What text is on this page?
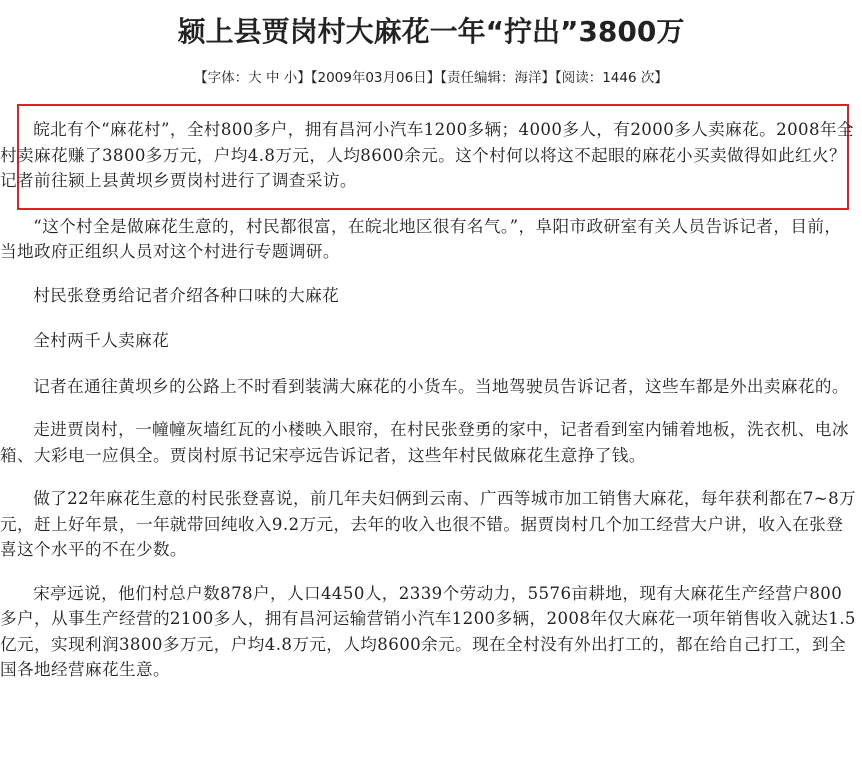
颍上县贾岗村大麻花一年“拧出”3800万
【字体：大 中 小】【2009年03月06日】【责任编辑：海洋】【阅读：1446 次】

皖北有个“麻花村”，全村800多户，拥有昌河小汽车1200多辆；4000多人，有2000多人卖麻花。2008年全村卖麻花赚了3800多万元，户均4.8万元，人均8600余元。这个村何以将这不起眼的麻花小买卖做得如此红火？记者前往颍上县黄坝乡贾岗村进行了调查采访。

“这个村全是做麻花生意的，村民都很富，在皖北地区很有名气。”，阜阳市政研室有关人员告诉记者，目前，当地政府正组织人员对这个村进行专题调研。

村民张登勇给记者介绍各种口味的大麻花

全村两千人卖麻花

记者在通往黄坝乡的公路上不时看到装满大麻花的小货车。当地驾驶员告诉记者，这些车都是外出卖麻花的。

走进贾岗村，一幢幢灰墙红瓦的小楼映入眼帘，在村民张登勇的家中，记者看到室内铺着地板，洗衣机、电冰箱、大彩电一应俱全。贾岗村原书记宋亭远告诉记者，这些年村民做麻花生意挣了钱。

做了22年麻花生意的村民张登喜说，前几年夫妇俩到云南、广西等城市加工销售大麻花，每年获利都在7~8万元，赶上好年景，一年就带回纯收入9.2万元，去年的收入也很不错。据贾岗村几个加工经营大户讲，收入在张登喜这个水平的不在少数。

宋亭远说，他们村总户数878户，人口4450人，2339个劳动力，5576亩耕地，现有大麻花生产经营户800多户，从事生产经营的2100多人，拥有昌河运输营销小汽车1200多辆，2008年仅大麻花一项年销售收入就达1.5亿元，实现利润3800多万元，户均4.8万元，人均8600余元。现在全村没有外出打工的，都在给自己打工，到全国各地经营麻花生意。
